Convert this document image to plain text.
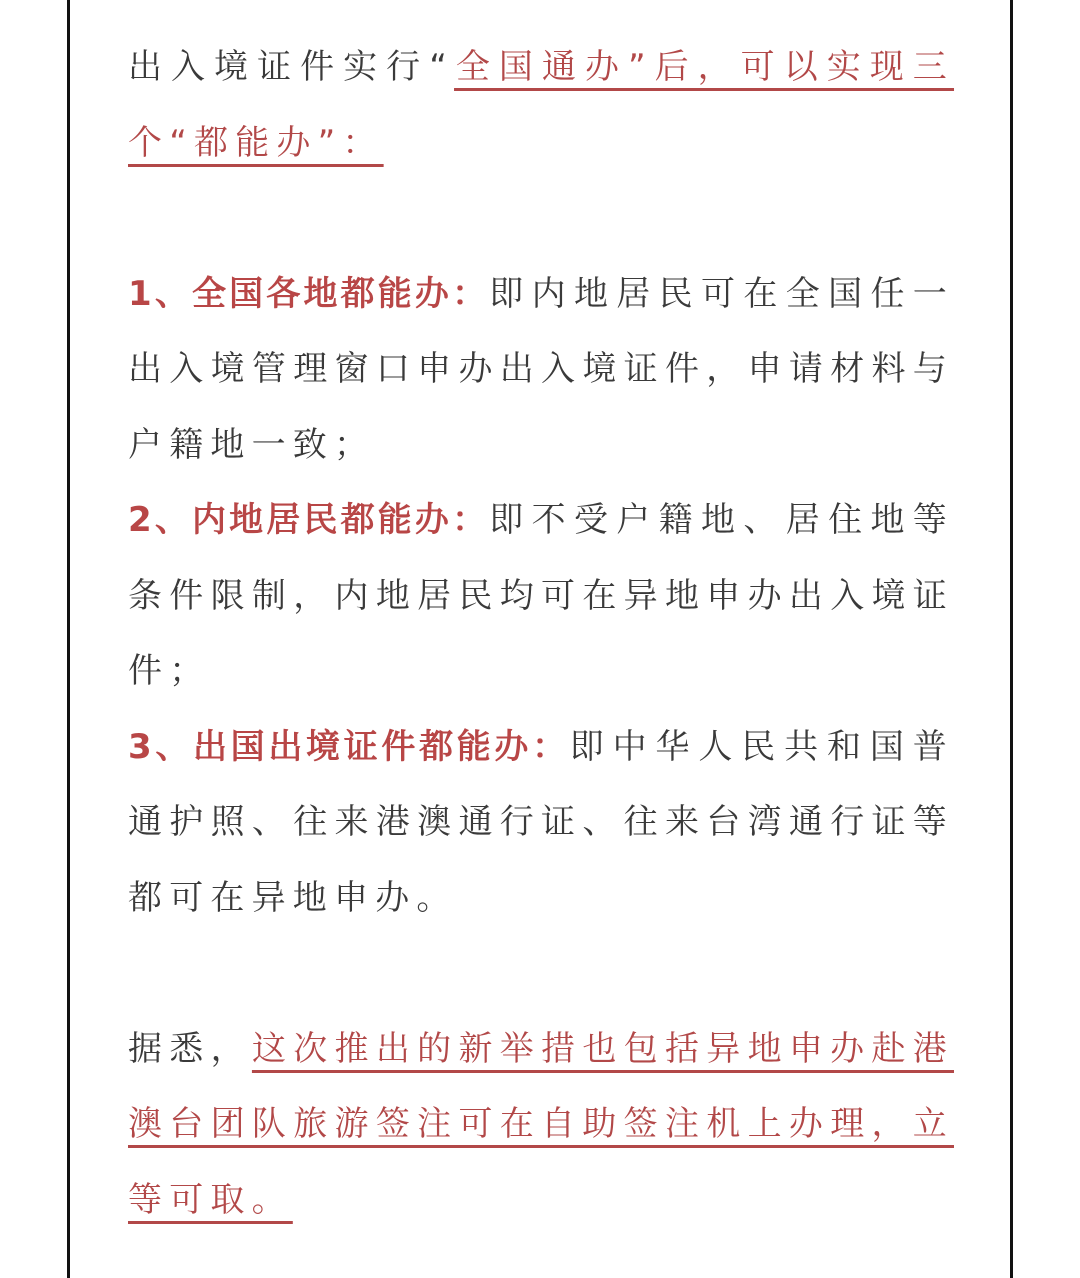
出入境证件实行“全国通办”后，可以实现三个“都能办”：

1、全国各地都能办：即内地居民可在全国任一出入境管理窗口申办出入境证件，申请材料与户籍地一致；

2、内地居民都能办：即不受户籍地、居住地等条件限制，内地居民均可在异地申办出入境证件；

3、出国出境证件都能办：即中华人民共和国普通护照、往来港澳通行证、往来台湾通行证等都可在异地申办。

据悉，这次推出的新举措也包括异地申办赴港澳台团队旅游签注可在自助签注机上办理，立等可取。
